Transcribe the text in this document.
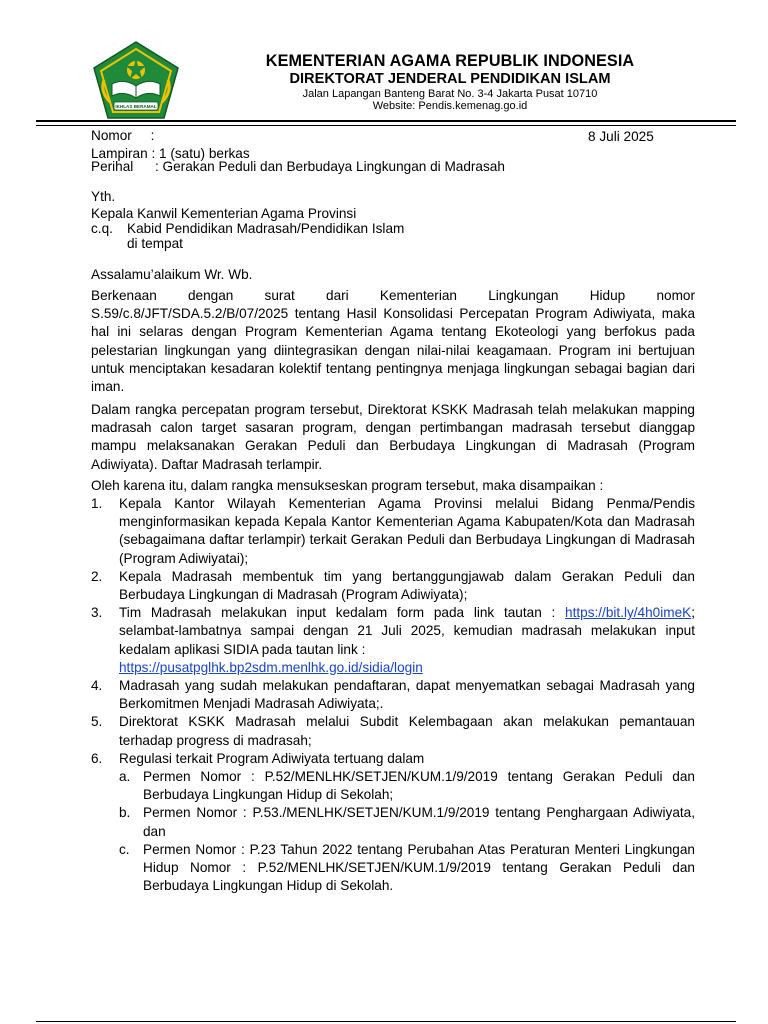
IKHLAS BERAMAL
KEMENTERIAN AGAMA REPUBLIK INDONESIA
DIREKTORAT JENDERAL PENDIDIKAN ISLAM
Jalan Lapangan Banteng Barat No. 3-4 Jakarta Pusat 10710
Website: Pendis.kemenag.go.id
Nomor     :	8 Juli 2025
Lampiran : 1 (satu) berkas
Perihal : Gerakan Peduli dan Berbudaya Lingkungan di Madrasah
Yth.
Kepala Kanwil Kementerian Agama Provinsi
c.q. Kabid Pendidikan Madrasah/Pendidikan Islam
di tempat
Assalamu’alaikum Wr. Wb.

Berkenaan dengan surat dari Kementerian Lingkungan Hidup nomor S.59/c.8/JFT/SDA.5.2/B/07/2025 tentang Hasil Konsolidasi Percepatan Program Adiwiyata, maka hal ini selaras dengan Program Kementerian Agama tentang Ekoteologi yang berfokus pada pelestarian lingkungan yang diintegrasikan dengan nilai-nilai keagamaan. Program ini bertujuan untuk menciptakan kesadaran kolektif tentang pentingnya menjaga lingkungan sebagai bagian dari iman.

Dalam rangka percepatan program tersebut, Direktorat KSKK Madrasah telah melakukan mapping madrasah calon target sasaran program, dengan pertimbangan madrasah tersebut dianggap mampu melaksanakan Gerakan Peduli dan Berbudaya Lingkungan di Madrasah (Program Adiwiyata). Daftar Madrasah terlampir.

Oleh karena itu, dalam rangka mensukseskan program tersebut, maka disampaikan :
1. Kepala Kantor Wilayah Kementerian Agama Provinsi melalui Bidang Penma/Pendis menginformasikan kepada Kepala Kantor Kementerian Agama Kabupaten/Kota dan Madrasah (sebagaimana daftar terlampir) terkait Gerakan Peduli dan Berbudaya Lingkungan di Madrasah (Program Adiwiyatai);
2. Kepala Madrasah membentuk tim yang bertanggungjawab dalam Gerakan Peduli dan Berbudaya Lingkungan di Madrasah (Program Adiwiyata);
3. Tim Madrasah melakukan input kedalam form pada link tautan : https://bit.ly/4h0imeK; selambat-lambatnya sampai dengan 21 Juli 2025, kemudian madrasah melakukan input kedalam aplikasi SIDIA pada tautan link :
https://pusatpglhk.bp2sdm.menlhk.go.id/sidia/login
4. Madrasah yang sudah melakukan pendaftaran, dapat menyematkan sebagai Madrasah yang Berkomitmen Menjadi Madrasah Adiwiyata;.
5. Direktorat KSKK Madrasah melalui Subdit Kelembagaan akan melakukan pemantauan terhadap progress di madrasah;
6. Regulasi terkait Program Adiwiyata tertuang dalam
a. Permen Nomor : P.52/MENLHK/SETJEN/KUM.1/9/2019 tentang Gerakan Peduli dan Berbudaya Lingkungan Hidup di Sekolah;
b. Permen Nomor : P.53./MENLHK/SETJEN/KUM.1/9/2019 tentang Penghargaan Adiwiyata, dan
c. Permen Nomor : P.23 Tahun 2022 tentang Perubahan Atas Peraturan Menteri Lingkungan Hidup Nomor : P.52/MENLHK/SETJEN/KUM.1/9/2019 tentang Gerakan Peduli dan Berbudaya Lingkungan Hidup di Sekolah.
